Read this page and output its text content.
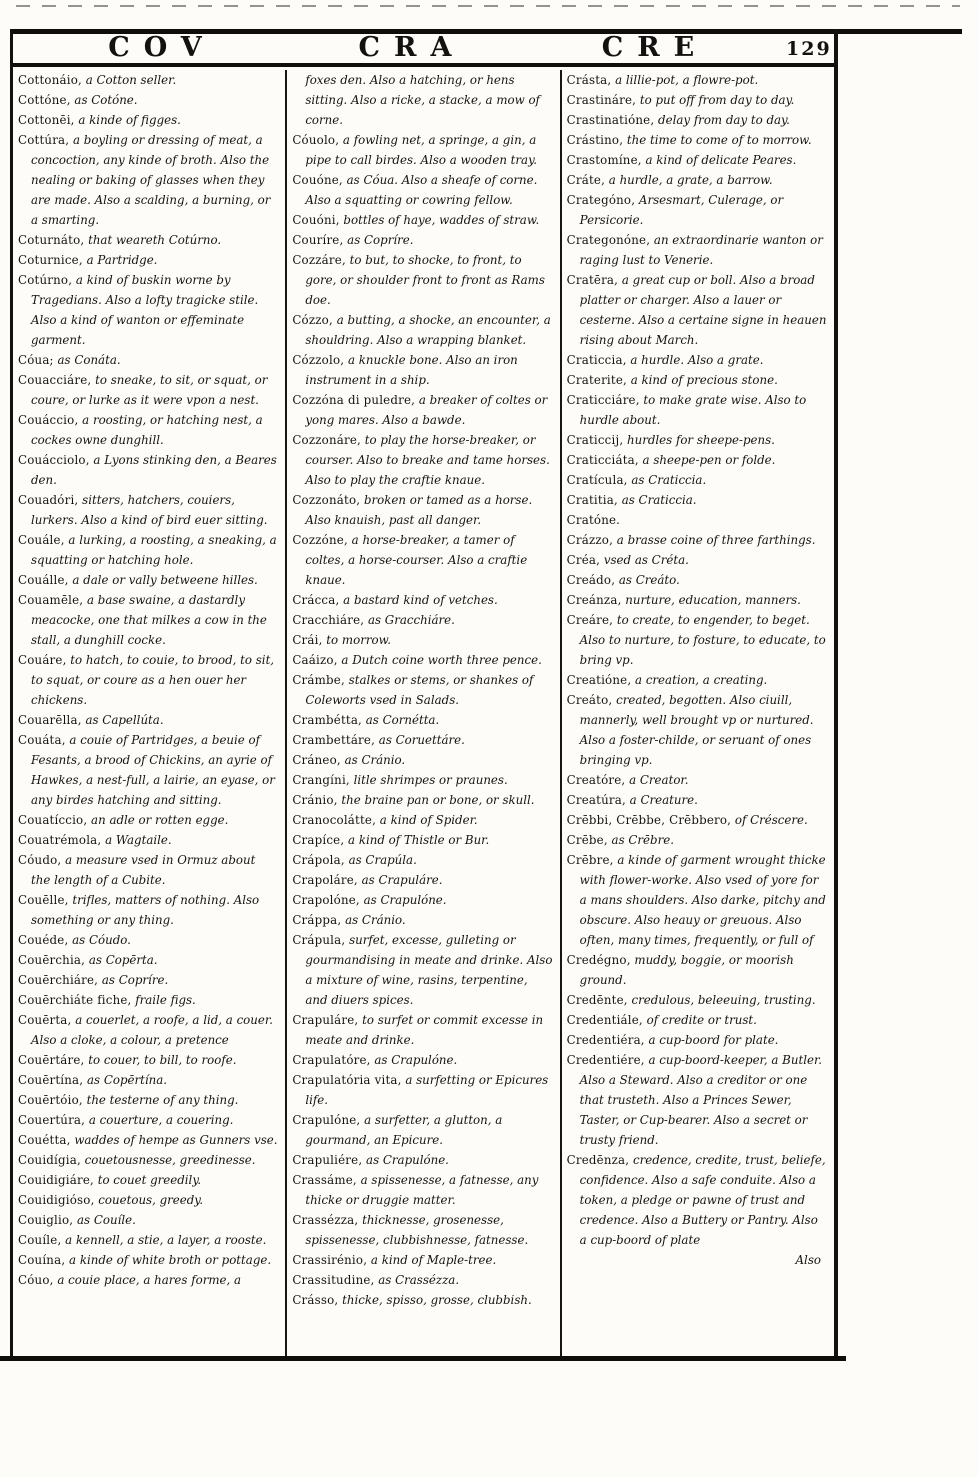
COV	CRA	CRE	129
Cottonáio, a Cotton seller.
Cottóne, as Cotóne.
Cottonēi, a kinde of figges.
Cottúra, a boyling or dressing of meat, a concoction, any kinde of broth. Also the nealing or baking of glasses when they are made. Also a scalding, a burning, or a smarting.
Coturnáto, that weareth Cotúrno.
Coturnice, a Partridge.
Cotúrno, a kind of buskin worne by Tragedians. Also a lofty tragicke stile. Also a kind of wanton or effeminate garment.
Cóua; as Conáta.
Couacciáre, to sneake, to sit, or squat, or coure, or lurke as it were vpon a nest.
Couáccio, a roosting, or hatching nest, a cockes owne dunghill.
Couácciolo, a Lyons stinking den, a Beares den.
Couadóri, sitters, hatchers, couiers, lurkers. Also a kind of bird euer sitting.
Couále, a lurking, a roosting, a sneaking, a squatting or hatching hole.
Couálle, a dale or vally betweene hilles.
Couamēle, a base swaine, a dastardly meacocke, one that milkes a cow in the stall, a dunghill cocke.
Couáre, to hatch, to couie, to brood, to sit, to squat, or coure as a hen ouer her chickens.
Couarēlla, as Capellúta.
Couáta, a couie of Partridges, a beuie of Fesants, a brood of Chickins, an ayrie of Hawkes, a nest-full, a lairie, an eyase, or any birdes hatching and sitting.
Couatíccio, an adle or rotten egge.
Couatrémola, a Wagtaile.
Cóudo, a measure vsed in Ormuz about the length of a Cubite.
Couēlle, trifles, matters of nothing. Also something or any thing.
Couéde, as Cóudo.
Couērchia, as Copērta.
Couērchiáre, as Copríre.
Couērchiáte fiche, fraile figs.
Couērta, a couerlet, a roofe, a lid, a couer. Also a cloke, a colour, a pretence
Couērtáre, to couer, to bill, to roofe.
Couērtína, as Copērtína.
Couērtóio, the testerne of any thing.
Couertúra, a couerture, a couering.
Couétta, waddes of hempe as Gunners vse.
Couidígia, couetousnesse, greedinesse.
Couidigiáre, to couet greedily.
Couidigióso, couetous, greedy.
Couiglio, as Couíle.
Couíle, a kennell, a stie, a layer, a rooste.
Couína, a kinde of white broth or pottage.
Cóuo, a couie place, a hares forme, a
foxes den. Also a hatching, or hens sitting. Also a ricke, a stacke, a mow of corne.
Cóuolo, a fowling net, a springe, a gin, a pipe to call birdes. Also a wooden tray.
Couóne, as Cóua. Also a sheafe of corne. Also a squatting or cowring fellow.
Couóni, bottles of haye, waddes of straw.
Couríre, as Copríre.
Cozzáre, to but, to shocke, to front, to gore, or shoulder front to front as Rams doe.
Cózzo, a butting, a shocke, an encounter, a shouldring. Also a wrapping blanket.
Cózzolo, a knuckle bone. Also an iron instrument in a ship.
Cozzóna di puledre, a breaker of coltes or yong mares. Also a bawde.
Cozzonáre, to play the horse-breaker, or courser. Also to breake and tame horses. Also to play the craftie knaue.
Cozzonáto, broken or tamed as a horse. Also knauish, past all danger.
Cozzóne, a horse-breaker, a tamer of coltes, a horse-courser. Also a craftie knaue.
Crácca, a bastard kind of vetches.
Cracchiáre, as Gracchiáre.
Crái, to morrow.
Caáizo, a Dutch coine worth three pence.
Crámbe, stalkes or stems, or shankes of Coleworts vsed in Salads.
Crambétta, as Cornétta.
Crambettáre, as Coruettáre.
Cráneo, as Cránio.
Crangíni, litle shrimpes or praunes.
Cránio, the braine pan or bone, or skull.
Cranocolátte, a kind of Spider.
Crapíce, a kind of Thistle or Bur.
Crápola, as Crapúla.
Crapoláre, as Crapuláre.
Crapolóne, as Crapulóne.
Cráppa, as Cránio.
Crápula, surfet, excesse, gulleting or gourmandising in meate and drinke. Also a mixture of wine, rasins, terpentine, and diuers spices.
Crapuláre, to surfet or commit excesse in meate and drinke.
Crapulatóre, as Crapulóne.
Crapulatória vita, a surfetting or Epicures life.
Crapulóne, a surfetter, a glutton, a gourmand, an Epicure.
Crapuliére, as Crapulóne.
Crassáme, a spissenesse, a fatnesse, any thicke or druggie matter.
Crassézza, thicknesse, grosenesse, spissenesse, clubbishnesse, fatnesse.
Crassirénio, a kind of Maple-tree.
Crassitudine, as Crassézza.
Crásso, thicke, spisso, grosse, clubbish.
Crásta, a lillie-pot, a flowre-pot.
Crastináre, to put off from day to day.
Crastinatióne, delay from day to day.
Crástino, the time to come of to morrow.
Crastomíne, a kind of delicate Peares.
Cráte, a hurdle, a grate, a barrow.
Crategóno, Arsesmart, Culerage, or Persicorie.
Crategonóne, an extraordinarie wanton or raging lust to Venerie.
Cratēra, a great cup or boll. Also a broad platter or charger. Also a lauer or cesterne. Also a certaine signe in heauen rising about March.
Craticcia, a hurdle. Also a grate.
Craterite, a kind of precious stone.
Craticciáre, to make grate wise. Also to hurdle about.
Craticcij, hurdles for sheepe-pens.
Craticciáta, a sheepe-pen or folde.
Cratícula, as Craticcia.
Cratitia, as Craticcia.
Cratóne.
Crázzo, a brasse coine of three farthings.
Créa, vsed as Créta.
Creádo, as Creáto.
Creánza, nurture, education, manners.
Creáre, to create, to engender, to beget. Also to nurture, to fosture, to educate, to bring vp.
Creatióne, a creation, a creating.
Creáto, created, begotten. Also ciuill, mannerly, well brought vp or nurtured. Also a foster-childe, or seruant of ones bringing vp.
Creatóre, a Creator.
Creatúra, a Creature.
Crēbbi, Crēbbe, Crēbbero, of Créscere.
Crēbe, as Crēbre.
Crēbre, a kinde of garment wrought thicke with flower-worke. Also vsed of yore for a mans shoulders. Also darke, pitchy and obscure. Also heauy or greuous. Also often, many times, frequently, or full of
Credégno, muddy, boggie, or moorish ground.
Credēnte, credulous, beleeuing, trusting.
Credentiále, of credite or trust.
Credentiéra, a cup-boord for plate.
Credentiére, a cup-boord-keeper, a Butler. Also a Steward. Also a creditor or one that trusteth. Also a Princes Sewer, Taster, or Cup-bearer. Also a secret or trusty friend.
Credēnza, credence, credite, trust, beliefe, confidence. Also a safe conduite. Also a token, a pledge or pawne of trust and credence. Also a Buttery or Pantry. Also a cup-boord of plate
Also
